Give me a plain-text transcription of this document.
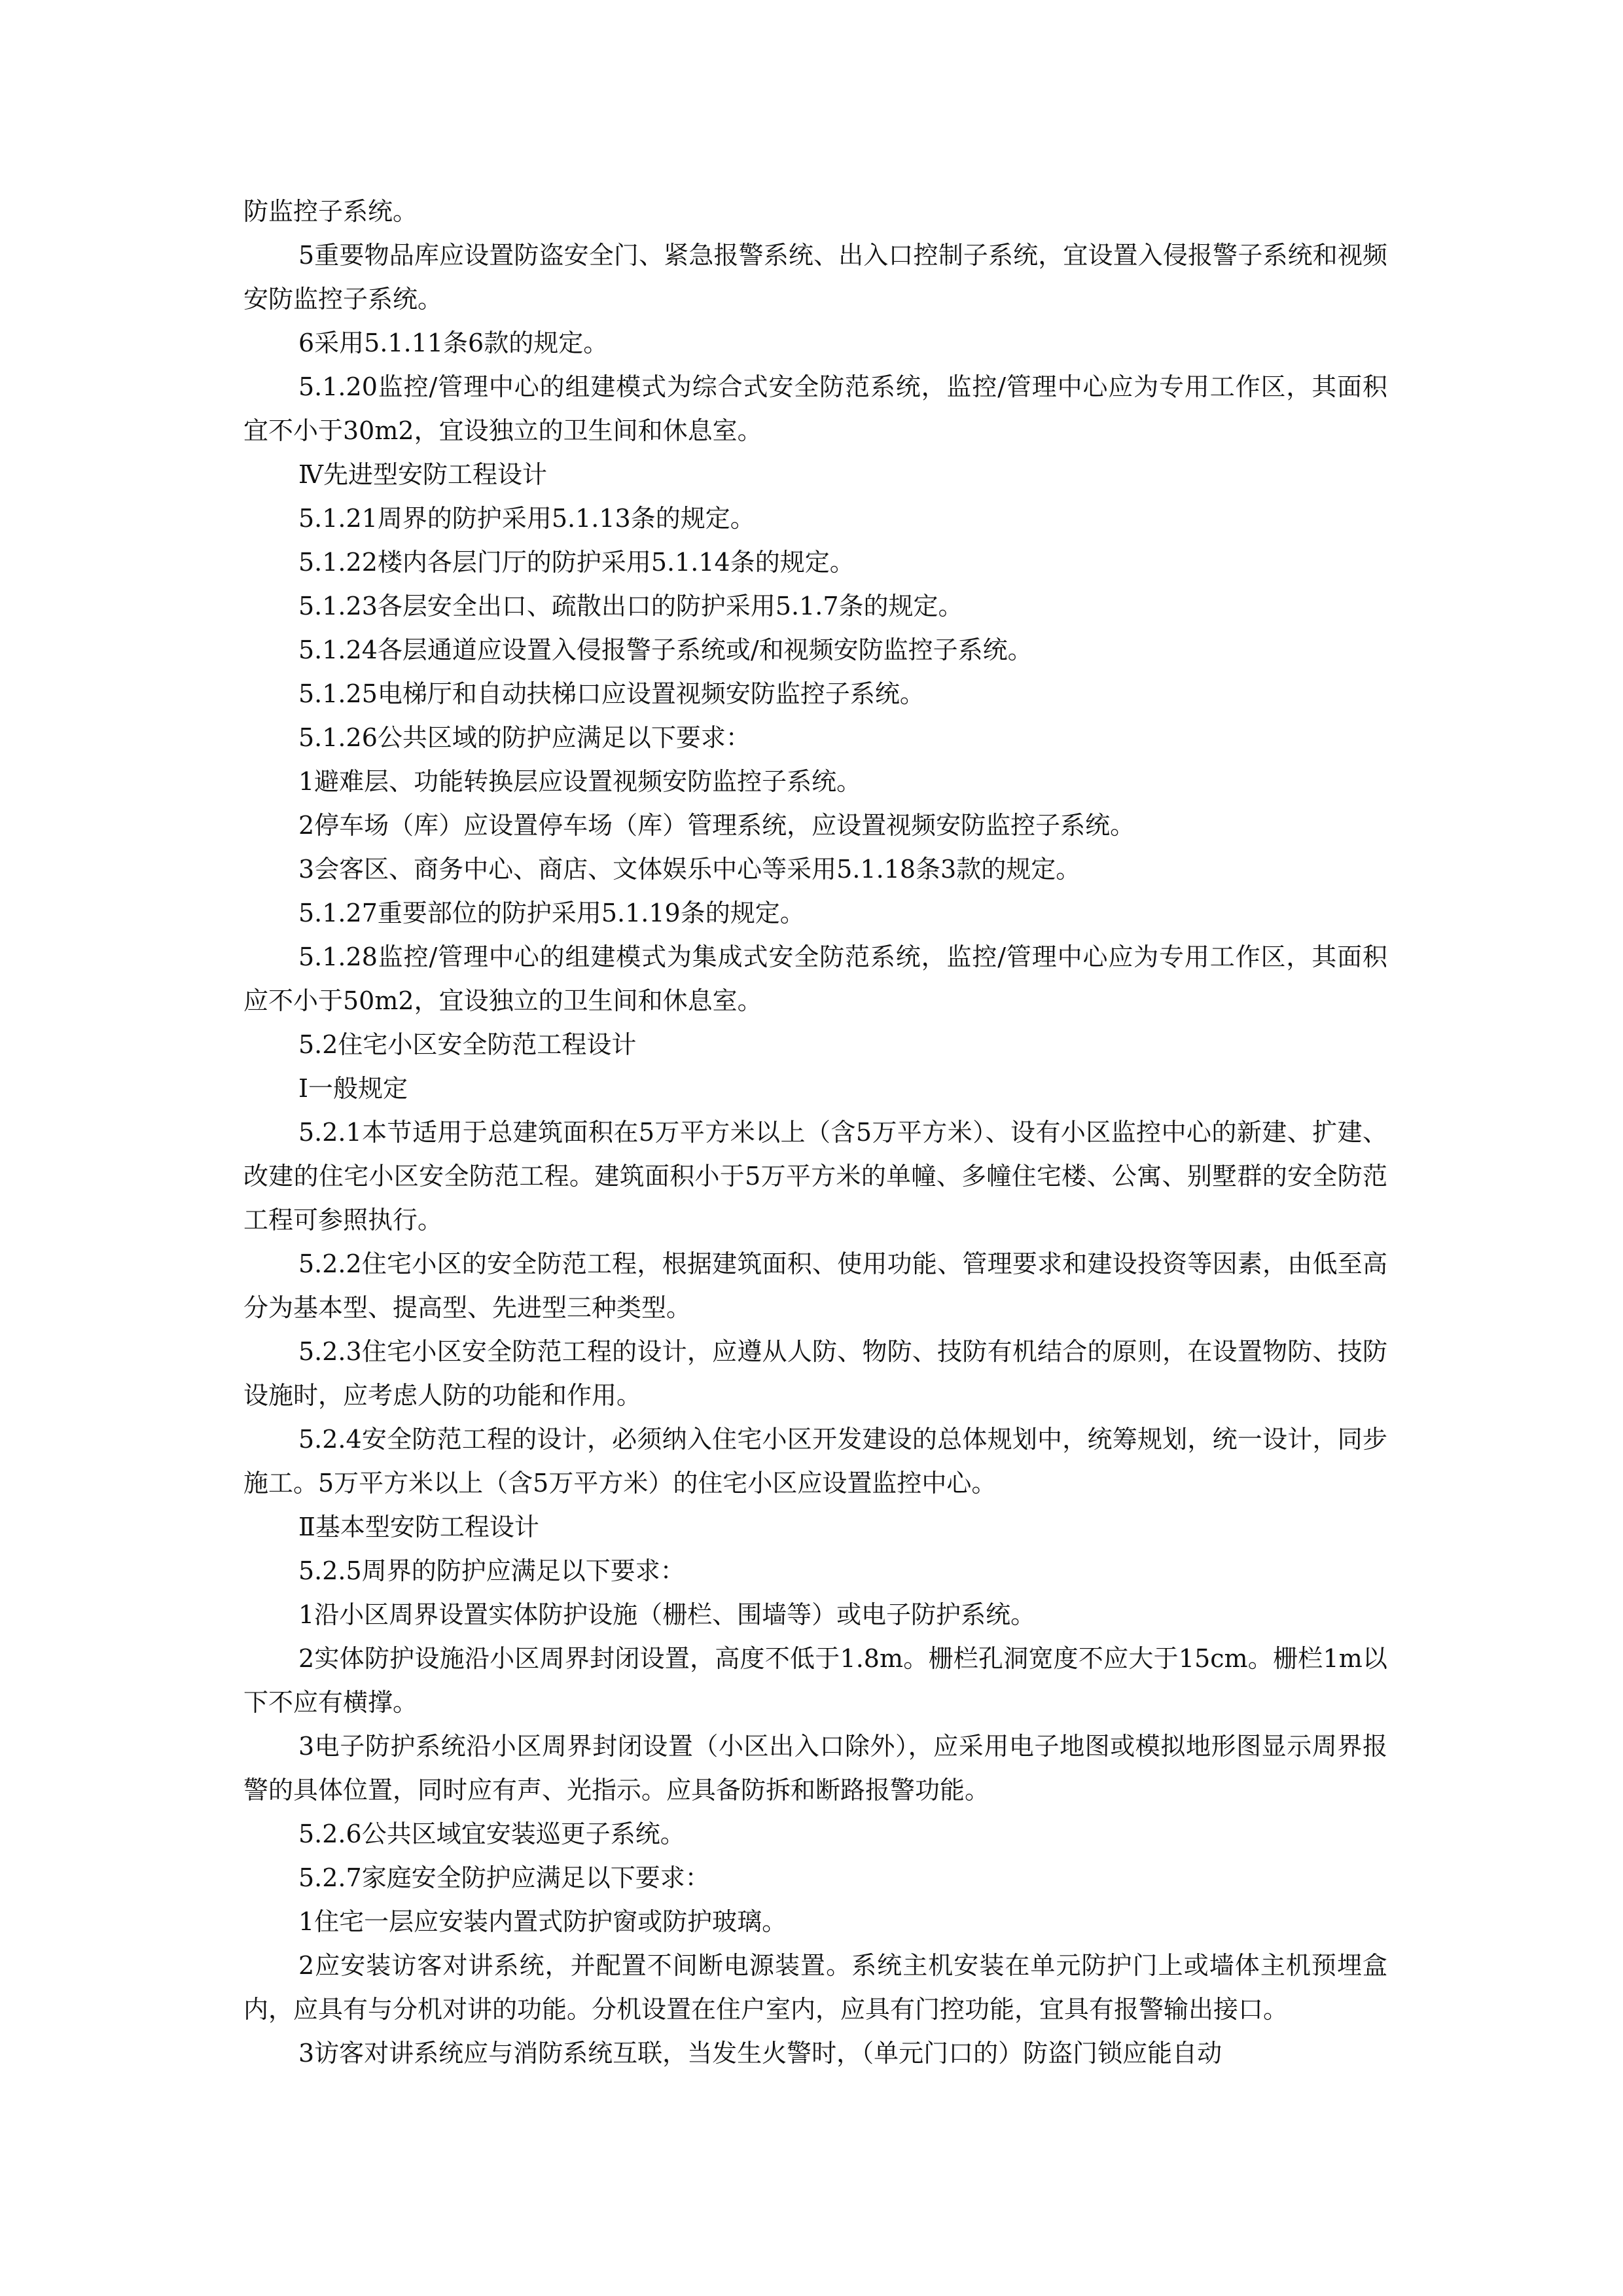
防监控子系统。

5重要物品库应设置防盗安全门、紧急报警系统、出入口控制子系统，宜设置入侵报警子系统和视频安防监控子系统。

6采用5.1.11条6款的规定。

5.1.20监控/管理中心的组建模式为综合式安全防范系统，监控/管理中心应为专用工作区，其面积宜不小于30m2，宜设独立的卫生间和休息室。

Ⅳ先进型安防工程设计

5.1.21周界的防护采用5.1.13条的规定。

5.1.22楼内各层门厅的防护采用5.1.14条的规定。

5.1.23各层安全出口、疏散出口的防护采用5.1.7条的规定。

5.1.24各层通道应设置入侵报警子系统或/和视频安防监控子系统。

5.1.25电梯厅和自动扶梯口应设置视频安防监控子系统。

5.1.26公共区域的防护应满足以下要求：

1避难层、功能转换层应设置视频安防监控子系统。

2停车场（库）应设置停车场（库）管理系统，应设置视频安防监控子系统。

3会客区、商务中心、商店、文体娱乐中心等采用5.1.18条3款的规定。

5.1.27重要部位的防护采用5.1.19条的规定。

5.1.28监控/管理中心的组建模式为集成式安全防范系统，监控/管理中心应为专用工作区，其面积应不小于50m2，宜设独立的卫生间和休息室。

5.2住宅小区安全防范工程设计

Ⅰ一般规定

5.2.1本节适用于总建筑面积在5万平方米以上（含5万平方米）、设有小区监控中心的新建、扩建、改建的住宅小区安全防范工程。建筑面积小于5万平方米的单幢、多幢住宅楼、公寓、别墅群的安全防范工程可参照执行。

5.2.2住宅小区的安全防范工程，根据建筑面积、使用功能、管理要求和建设投资等因素，由低至高分为基本型、提高型、先进型三种类型。

5.2.3住宅小区安全防范工程的设计，应遵从人防、物防、技防有机结合的原则，在设置物防、技防设施时，应考虑人防的功能和作用。

5.2.4安全防范工程的设计，必须纳入住宅小区开发建设的总体规划中，统筹规划，统一设计，同步施工。5万平方米以上（含5万平方米）的住宅小区应设置监控中心。

Ⅱ基本型安防工程设计

5.2.5周界的防护应满足以下要求：

1沿小区周界设置实体防护设施（栅栏、围墙等）或电子防护系统。

2实体防护设施沿小区周界封闭设置，高度不低于1.8m。栅栏孔洞宽度不应大于15cm。栅栏1m以下不应有横撑。

3电子防护系统沿小区周界封闭设置（小区出入口除外），应采用电子地图或模拟地形图显示周界报警的具体位置，同时应有声、光指示。应具备防拆和断路报警功能。

5.2.6公共区域宜安装巡更子系统。

5.2.7家庭安全防护应满足以下要求：

1住宅一层应安装内置式防护窗或防护玻璃。

2应安装访客对讲系统，并配置不间断电源装置。系统主机安装在单元防护门上或墙体主机预埋盒内，应具有与分机对讲的功能。分机设置在住户室内，应具有门控功能，宜具有报警输出接口。

3访客对讲系统应与消防系统互联，当发生火警时，（单元门口的）防盗门锁应能自动
